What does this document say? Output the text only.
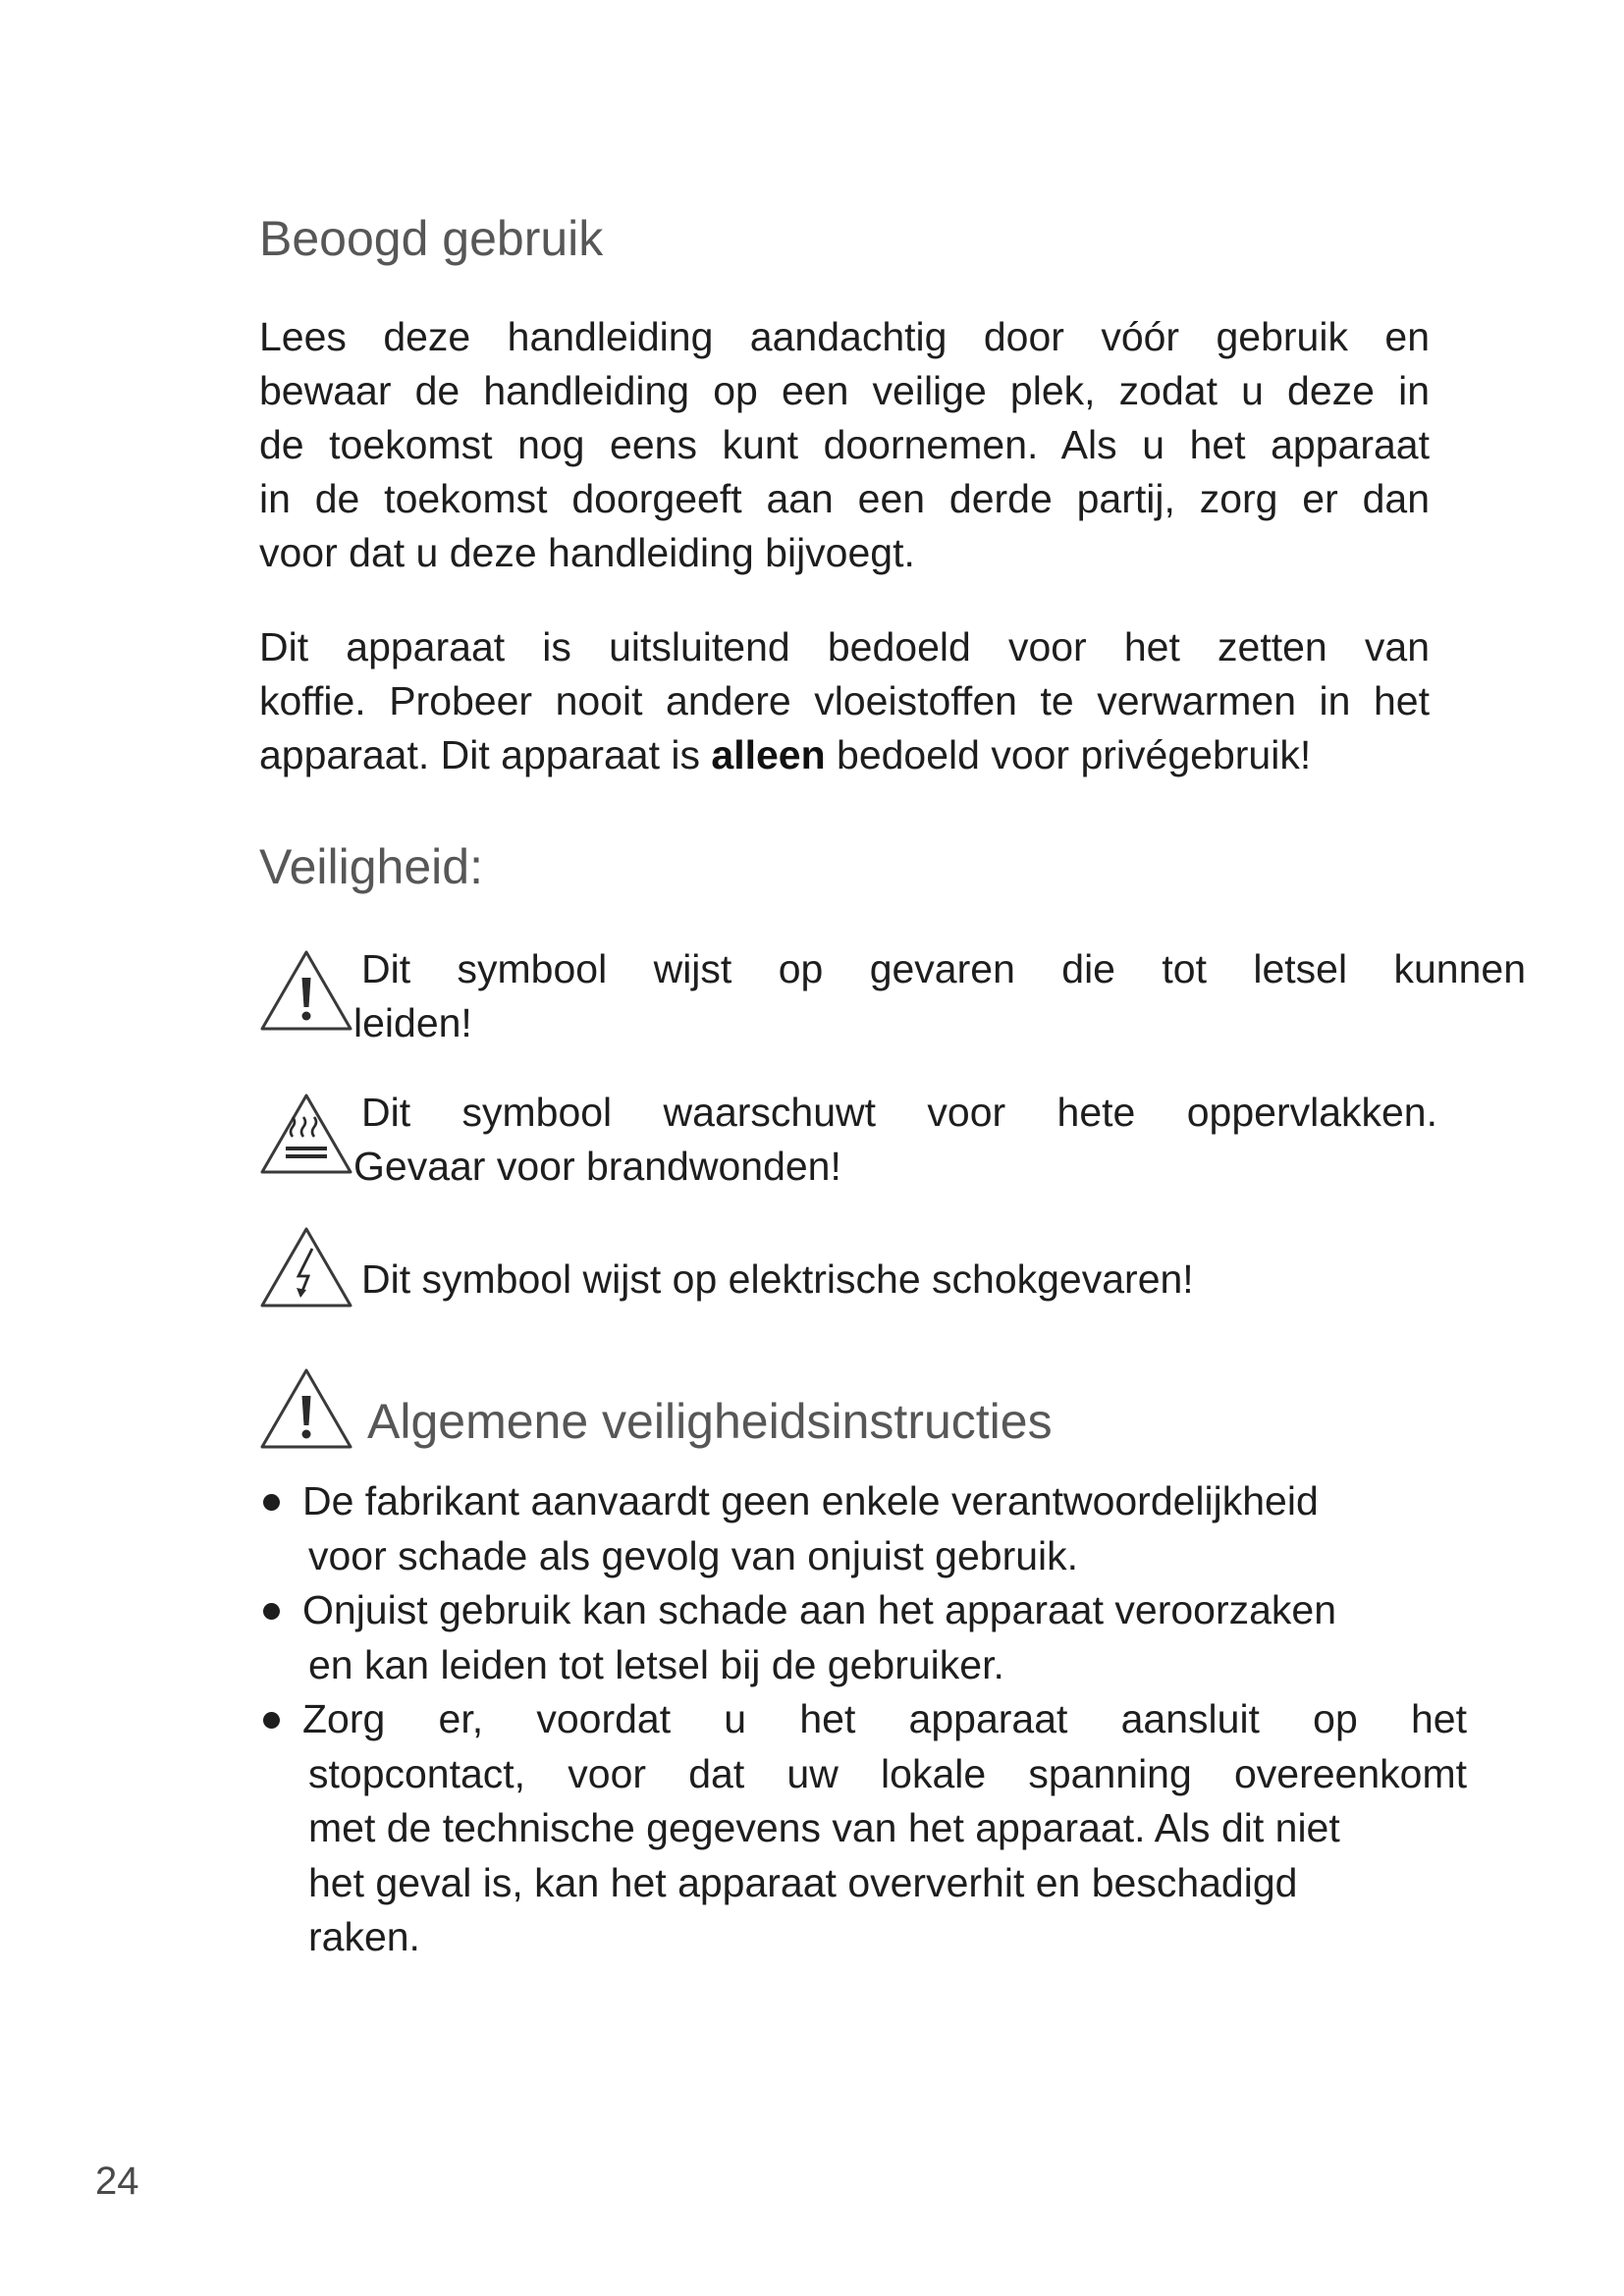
Beoogd gebruik
Lees deze handleiding aandachtig door vóór gebruik en
bewaar de handleiding op een veilige plek, zodat u deze in
de toekomst nog eens kunt doornemen. Als u het apparaat
in de toekomst doorgeeft aan een derde partij, zorg er dan
voor dat u deze handleiding bijvoegt.
Dit apparaat is uitsluitend bedoeld voor het zetten van
koffie. Probeer nooit andere vloeistoffen te verwarmen in het
apparaat. Dit apparaat is alleen bedoeld voor privégebruik!
Veiligheid:
Dit symbool wijst op gevaren die tot letsel kunnen
leiden!
Dit symbool waarschuwt voor hete oppervlakken.
Gevaar voor brandwonden!
Dit symbool wijst op elektrische schokgevaren!
Algemene veiligheidsinstructies
De fabrikant aanvaardt geen enkele verantwoordelijkheid
voor schade als gevolg van onjuist gebruik.
Onjuist gebruik kan schade aan het apparaat veroorzaken
en kan leiden tot letsel bij de gebruiker.
Zorg er, voordat u het apparaat aansluit op het
stopcontact, voor dat uw lokale spanning overeenkomt
met de technische gegevens van het apparaat. Als dit niet
het geval is, kan het apparaat oververhit en beschadigd
raken.
24
